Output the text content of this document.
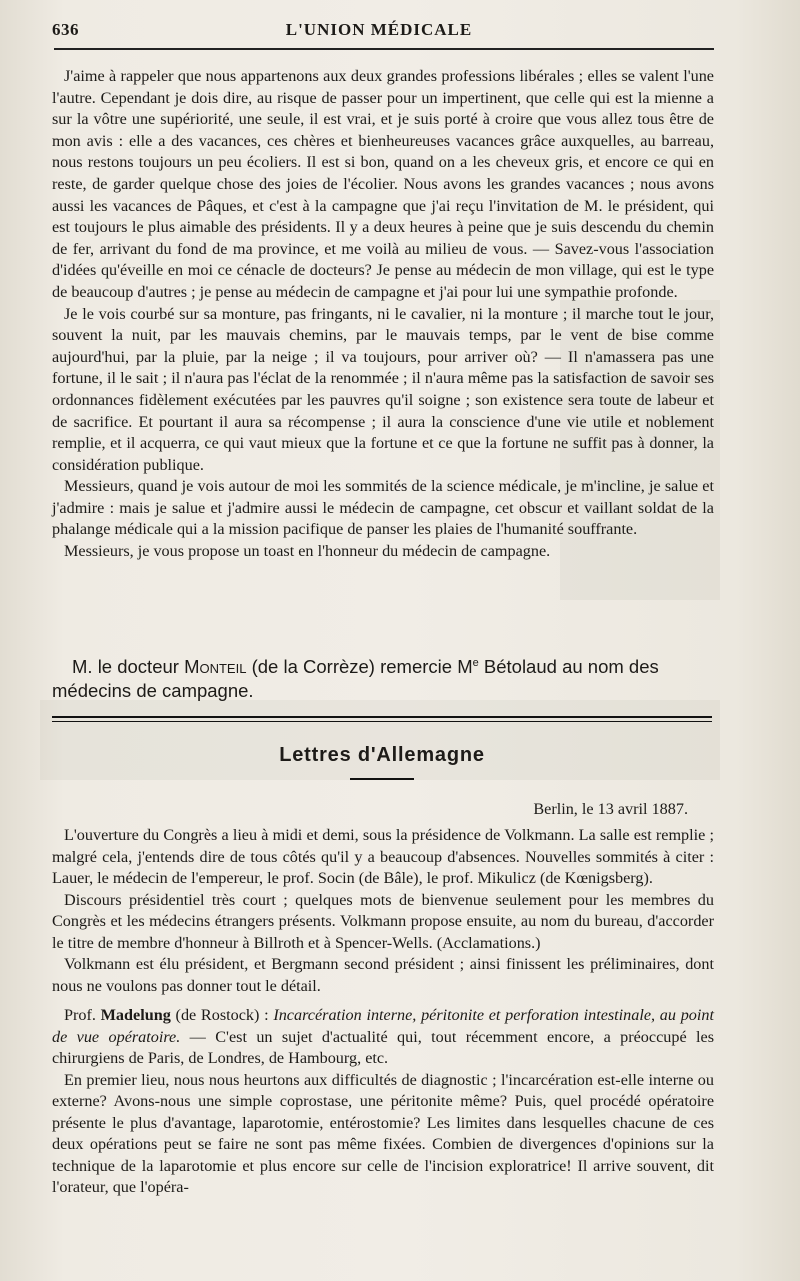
636	L'UNION MÉDICALE

J'aime à rappeler que nous appartenons aux deux grandes professions libérales ; elles se valent l'une l'autre. Cependant je dois dire, au risque de passer pour un impertinent, que celle qui est la mienne a sur la vôtre une supériorité, une seule, il est vrai, et je suis porté à croire que vous allez tous être de mon avis : elle a des vacances, ces chères et bienheureuses vacances grâce auxquelles, au barreau, nous restons toujours un peu écoliers. Il est si bon, quand on a les cheveux gris, et encore ce qui en reste, de garder quelque chose des joies de l'écolier. Nous avons les grandes vacances ; nous avons aussi les vacances de Pâques, et c'est à la campagne que j'ai reçu l'invitation de M. le président, qui est toujours le plus aimable des présidents. Il y a deux heures à peine que je suis descendu du chemin de fer, arrivant du fond de ma province, et me voilà au milieu de vous. — Savez-vous l'association d'idées qu'éveille en moi ce cénacle de docteurs? Je pense au médecin de mon village, qui est le type de beaucoup d'autres ; je pense au médecin de campagne et j'ai pour lui une sympathie profonde.

Je le vois courbé sur sa monture, pas fringants, ni le cavalier, ni la monture ; il marche tout le jour, souvent la nuit, par les mauvais chemins, par le mauvais temps, par le vent de bise comme aujourd'hui, par la pluie, par la neige ; il va toujours, pour arriver où? — Il n'amassera pas une fortune, il le sait ; il n'aura pas l'éclat de la renommée ; il n'aura même pas la satisfaction de savoir ses ordonnances fidèlement exécutées par les pauvres qu'il soigne ; son existence sera toute de labeur et de sacrifice. Et pourtant il aura sa récompense ; il aura la conscience d'une vie utile et noblement remplie, et il acquerra, ce qui vaut mieux que la fortune et ce que la fortune ne suffit pas à donner, la considération publique.

Messieurs, quand je vois autour de moi les sommités de la science médicale, je m'incline, je salue et j'admire : mais je salue et j'admire aussi le médecin de campagne, cet obscur et vaillant soldat de la phalange médicale qui a la mission pacifique de panser les plaies de l'humanité souffrante.

Messieurs, je vous propose un toast en l'honneur du médecin de campagne.

M. le docteur Monteil (de la Corrèze) remercie Me Bétolaud au nom des médecins de campagne.
Lettres d'Allemagne
Berlin, le 13 avril 1887.

L'ouverture du Congrès a lieu à midi et demi, sous la présidence de Volkmann. La salle est remplie ; malgré cela, j'entends dire de tous côtés qu'il y a beaucoup d'absences. Nouvelles sommités à citer : Lauer, le médecin de l'empereur, le prof. Socin (de Bâle), le prof. Mikulicz (de Kœnigsberg).

Discours présidentiel très court ; quelques mots de bienvenue seulement pour les membres du Congrès et les médecins étrangers présents. Volkmann propose ensuite, au nom du bureau, d'accorder le titre de membre d'honneur à Billroth et à Spencer-Wells. (Acclamations.)

Volkmann est élu président, et Bergmann second président ; ainsi finissent les préliminaires, dont nous ne voulons pas donner tout le détail.

Prof. Madelung (de Rostock) : Incarcération interne, péritonite et perforation intestinale, au point de vue opératoire. — C'est un sujet d'actualité qui, tout récemment encore, a préoccupé les chirurgiens de Paris, de Londres, de Hambourg, etc.

En premier lieu, nous nous heurtons aux difficultés de diagnostic ; l'incarcération est-elle interne ou externe? Avons-nous une simple coprostase, une péritonite même? Puis, quel procédé opératoire présente le plus d'avantage, laparotomie, entérostomie? Les limites dans lesquelles chacune de ces deux opérations peut se faire ne sont pas même fixées. Combien de divergences d'opinions sur la technique de la laparotomie et plus encore sur celle de l'incision exploratrice! Il arrive souvent, dit l'orateur, que l'opéra-
